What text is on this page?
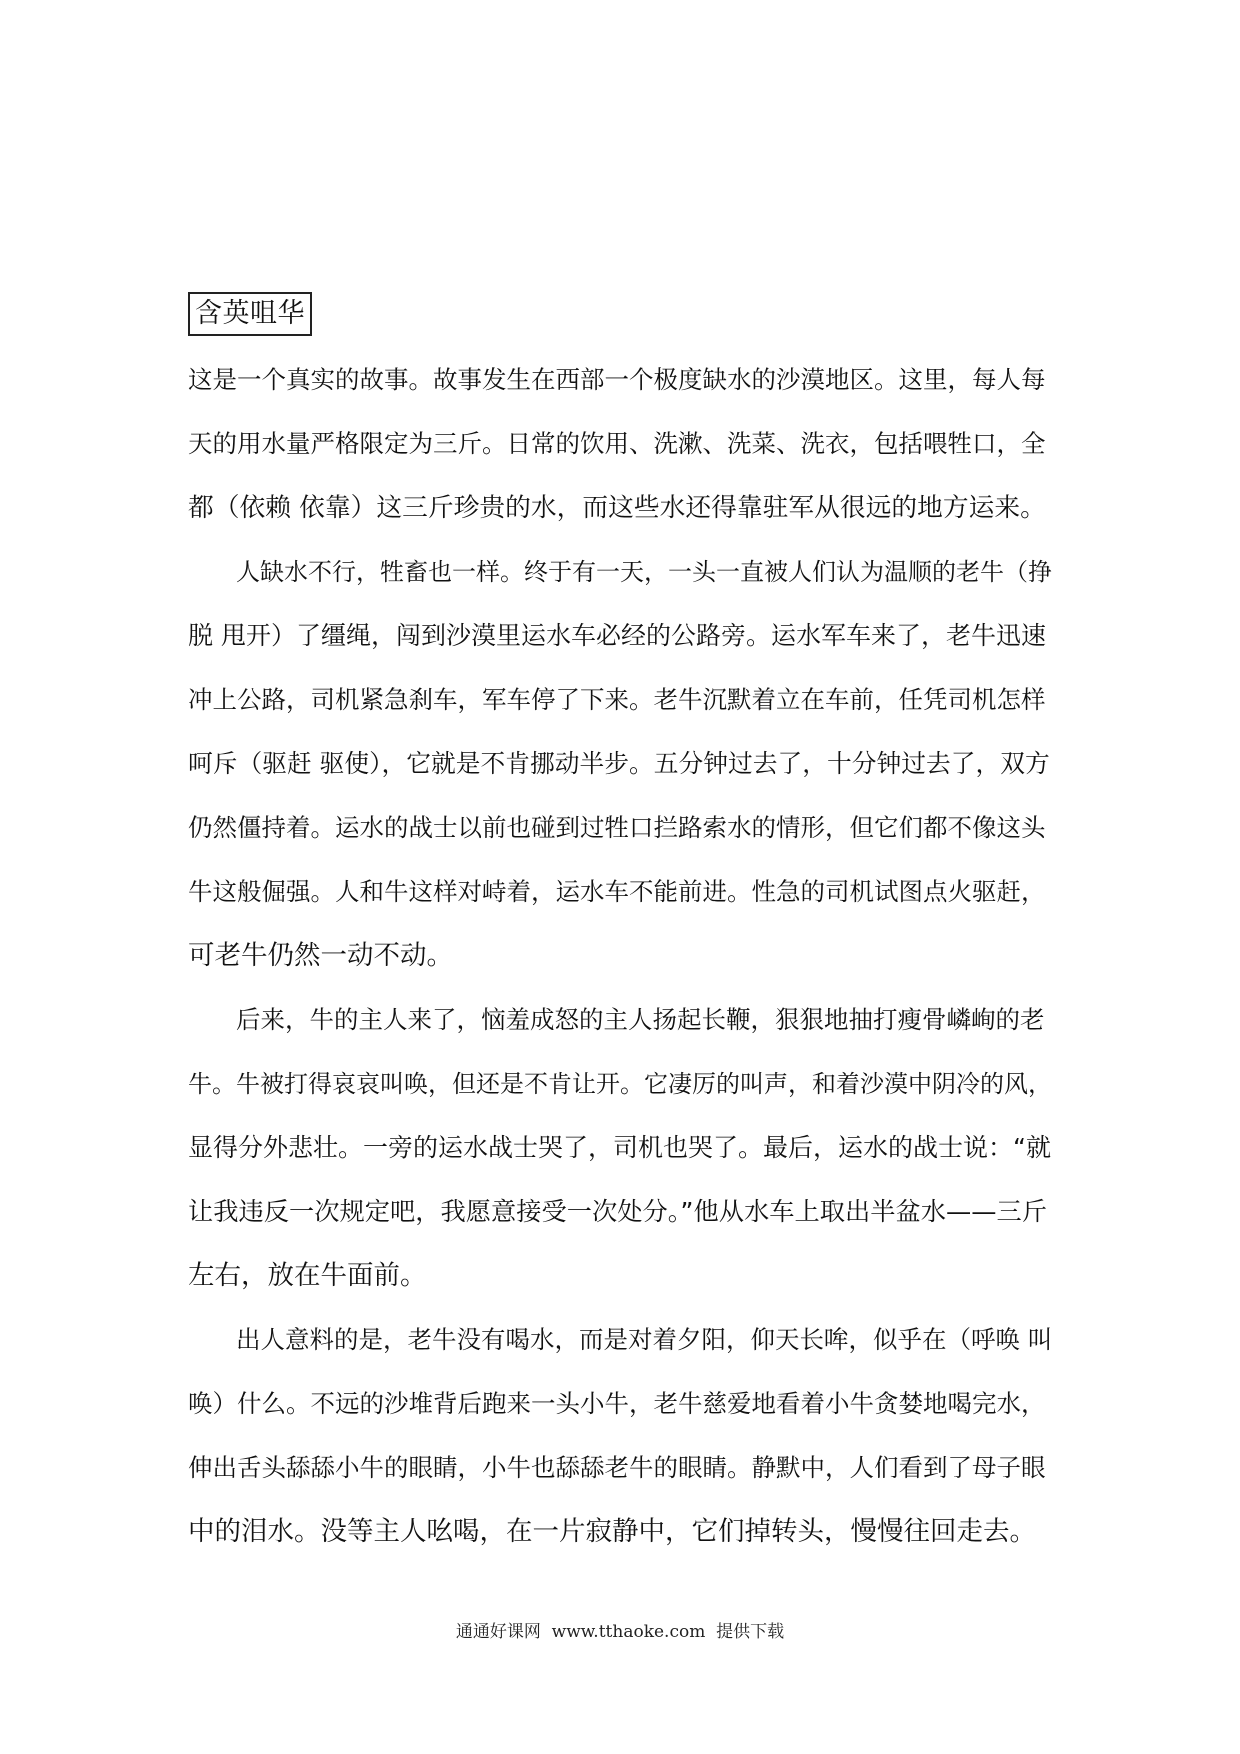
含英咀华
这是一个真实的故事。故事发生在西部一个极度缺水的沙漠地区。这里，每人每
天的用水量严格限定为三斤。日常的饮用、洗漱、洗菜、洗衣，包括喂牲口，全
都（依赖 依靠）这三斤珍贵的水，而这些水还得靠驻军从很远的地方运来。
人缺水不行，牲畜也一样。终于有一天，一头一直被人们认为温顺的老牛（挣
脱 甩开）了缰绳，闯到沙漠里运水车必经的公路旁。运水军车来了，老牛迅速
冲上公路，司机紧急刹车，军车停了下来。老牛沉默着立在车前，任凭司机怎样
呵斥（驱赶 驱使），它就是不肯挪动半步。五分钟过去了，十分钟过去了，双方
仍然僵持着。运水的战士以前也碰到过牲口拦路索水的情形，但它们都不像这头
牛这般倔强。人和牛这样对峙着，运水车不能前进。性急的司机试图点火驱赶，
可老牛仍然一动不动。
后来，牛的主人来了，恼羞成怒的主人扬起长鞭，狠狠地抽打瘦骨嶙峋的老
牛。牛被打得哀哀叫唤，但还是不肯让开。它凄厉的叫声，和着沙漠中阴冷的风，
显得分外悲壮。一旁的运水战士哭了，司机也哭了。最后，运水的战士说：“就
让我违反一次规定吧，我愿意接受一次处分。”他从水车上取出半盆水——三斤
左右，放在牛面前。
出人意料的是，老牛没有喝水，而是对着夕阳，仰天长哞，似乎在（呼唤 叫
唤）什么。不远的沙堆背后跑来一头小牛，老牛慈爱地看着小牛贪婪地喝完水，
伸出舌头舔舔小牛的眼睛，小牛也舔舔老牛的眼睛。静默中，人们看到了母子眼
中的泪水。没等主人吆喝，在一片寂静中，它们掉转头，慢慢往回走去。
通通好课网  www.tthaoke.com  提供下载
